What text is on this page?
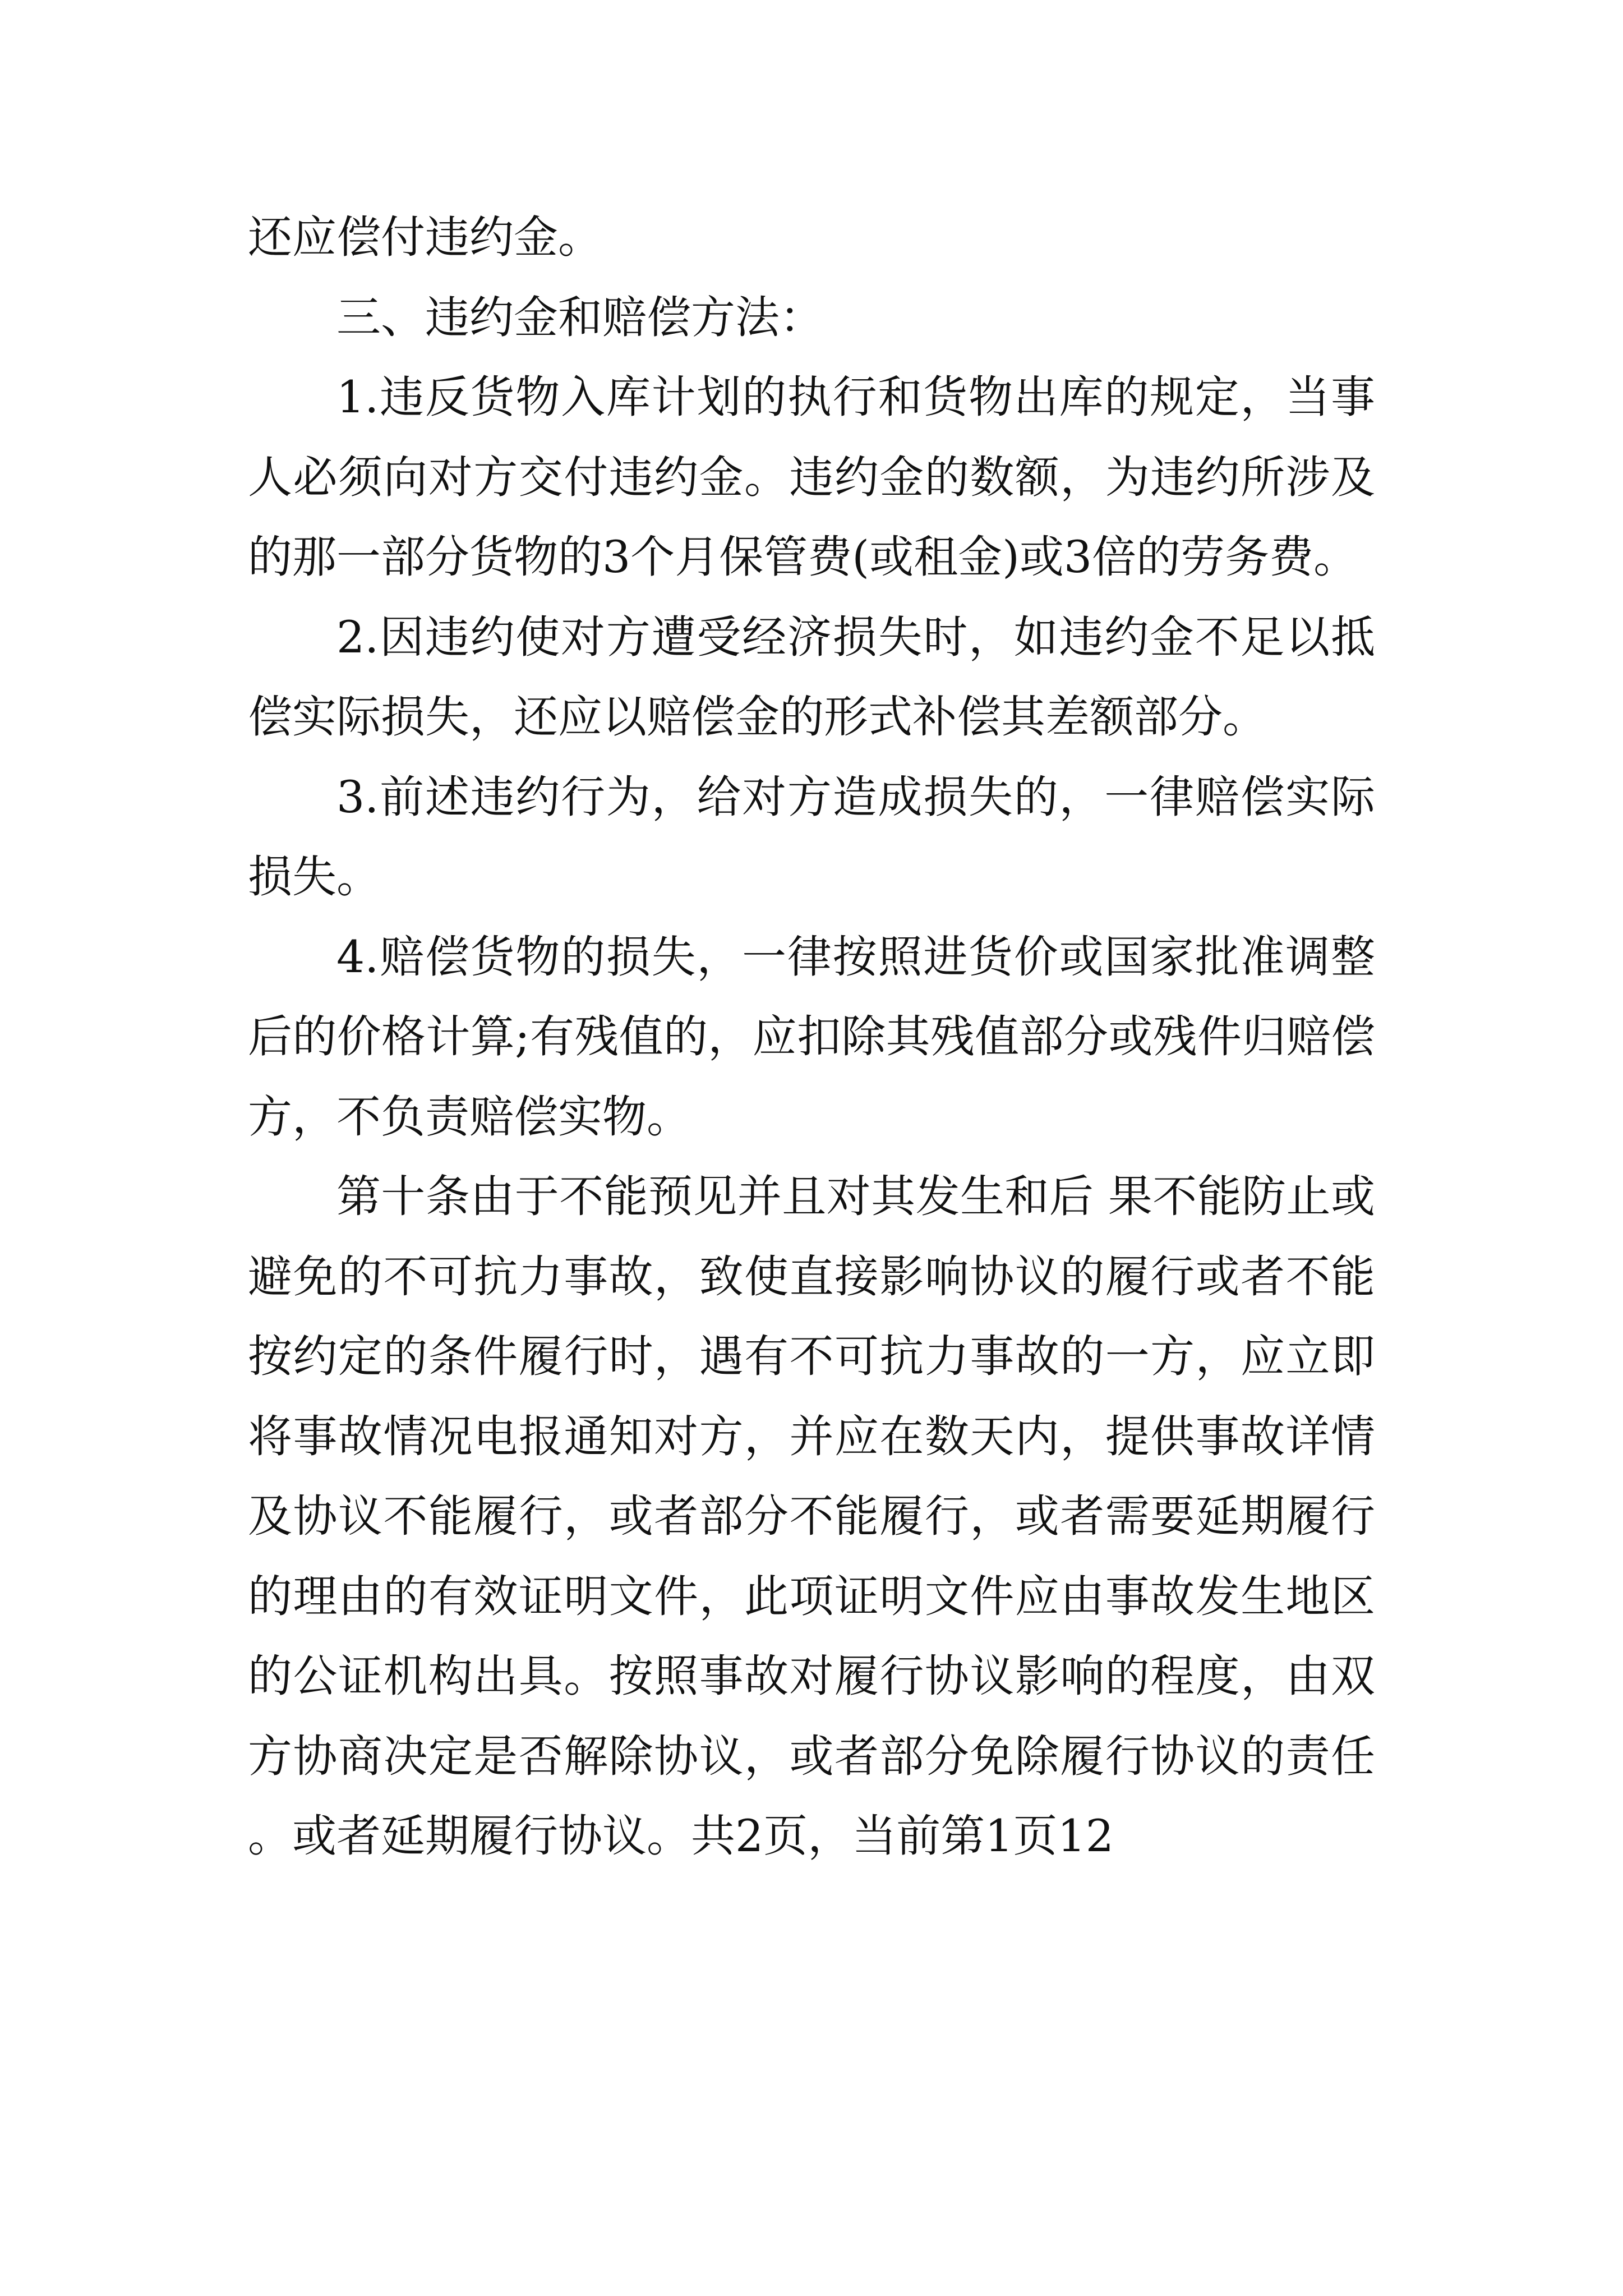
还应偿付违约金。

三、违约金和赔偿方法：

1.违反货物入库计划的执行和货物出库的规定，当事人必须向对方交付违约金。违约金的数额，为违约所涉及的那一部分货物的3个月保管费(或租金)或3倍的劳务费。

2.因违约使对方遭受经济损失时，如违约金不足以抵偿实际损失，还应以赔偿金的形式补偿其差额部分。

3.前述违约行为，给对方造成损失的，一律赔偿实际损失。

4.赔偿货物的损失，一律按照进货价或国家批准调整后的价格计算;有残值的，应扣除其残值部分或残件归赔偿方，不负责赔偿实物。

第十条由于不能预见并且对其发生和后 果不能防止或避免的不可抗力事故，致使直接影响协议的履行或者不能按约定的条件履行时，遇有不可抗力事故的一方，应立即将事故情况电报通知对方，并应在数天内，提供事故详情及协议不能履行，或者部分不能履行，或者需要延期履行的理由的有效证明文件，此项证明文件应由事故发生地区的公证机构出具。按照事故对履行协议影响的程度，由双方协商决定是否解除协议，或者部分免除履行协议的责任。或者延期履行协议。共2页，当前第1页12
